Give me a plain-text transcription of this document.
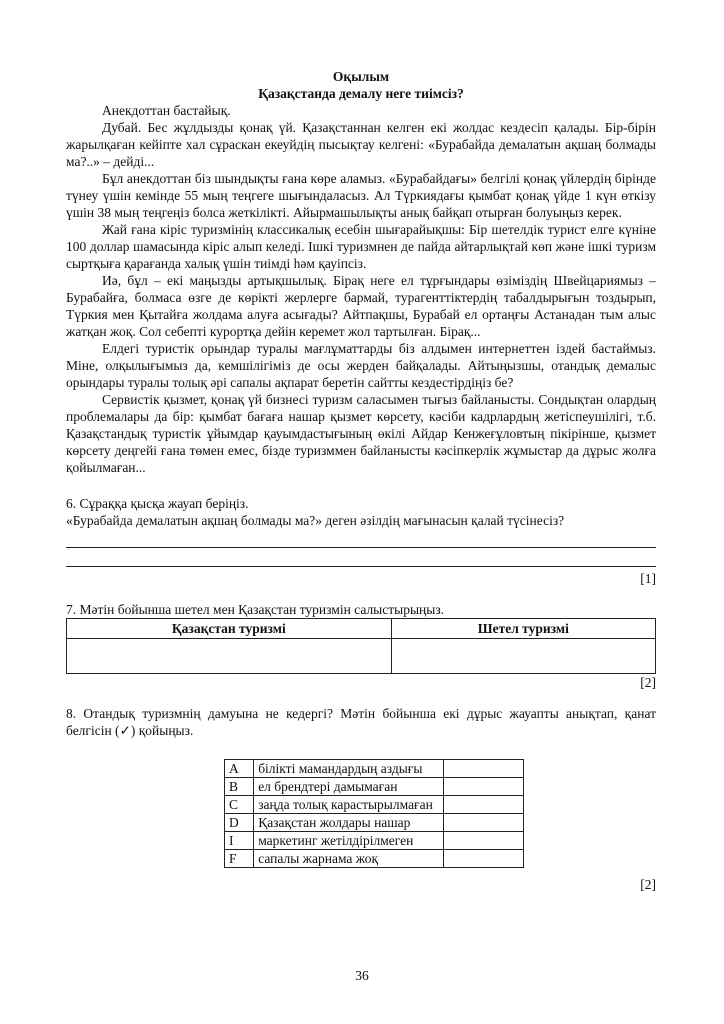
Оқылым
Қазақстанда демалу неге тиімсіз?

Анекдоттан бастайық.

Дубай. Бес жұлдызды қонақ үй. Қазақстаннан келген екі жолдас кездесіп қалады. Бір-бірін жарылқаған кейіпте хал сұраскан екеуйдің пысықтау келгені: «Бурабайда демалатын ақшаң болмады ма?..» – дейді...

Бұл анекдоттан біз шындықты ғана көре аламыз. «Бурабайдағы» белгілі қонақ үйлердің бірінде түнеу үшін кемінде 55 мың теңгеге шығындаласыз. Ал Түркиядағы қымбат қонақ үйде 1 күн өткізу үшін 38 мың теңгеңіз болса жеткілікті. Айырмашылықты анық байқап отырған болуыңыз керек.

Жай ғана кіріс туризмінің классикалық есебін шығарайықшы: Бір шетелдік турист елге күніне 100 доллар шамасында кіріс алып келеді. Ішкі туризмнен де пайда айтарлықтай көп және ішкі туризм сыртқыға қарағанда халық үшін тиімді һәм қауіпсіз.

Иә, бұл – екі маңызды артықшылық. Бірақ неге ел тұрғындары өзіміздің Швейцариямыз – Бурабайға, болмаса өзге де көрікті жерлерге бармай, турагенттіктердің табалдырығын тоздырып, Түркия мен Қытайға жолдама алуға асығады? Айтпақшы, Бурабай ел ортаңғы Астанадан тым алыс жатқан жоқ. Сол себепті курортқа дейін керемет жол тартылған. Бірақ...

Елдегі туристік орындар туралы мағлұматтарды біз алдымен интернеттен іздей бастаймыз. Міне, олқылығымыз да, кемшілігіміз де осы жерден байқалады. Айтыңызшы, отандық демалыс орындары туралы толық әрі сапалы ақпарат беретін сайтты кездестірдіңіз бе?

Сервистік қызмет, қонақ үй бизнесі туризм саласымен тығыз байланысты. Сондықтан олардың проблемалары да бір: қымбат бағаға нашар қызмет көрсету, кәсіби кадрлардың жетіспеушілігі, т.б. Қазақстандық туристік ұйымдар қауымдастығының өкілі Айдар Кенжеғұловтың пікірінше, қызмет көрсету деңгейі ғана төмен емес, бізде туризммен байланысты кәсіпкерлік жұмыстар да дұрыс жолға қойылмаған...

6. Сұраққа қысқа жауап беріңіз.

«Бурабайда демалатын ақшаң болмады ма?» деген əзілдің мағынасын қалай түсінесіз?

[1]

7. Мəтін бойынша шетел мен Қазақстан туризмін салыстырыңыз.

Қазақстан туризмі	Шетел туризмі

[2]

8. Отандық туризмнің дамуына не кедергі? Мəтін бойынша екі дұрыс жауапты анықтап, қанат белгісін (✓) қойыңыз.

A	білікті мамандардың аздығы	
B	ел брендтері дамымаған	
C	заңда толық карастырылмаған	
D	Қазақстан жолдары нашар	
I	маркетинг жетілдірілмеген	
F	сапалы жарнама жоқ	
[2]
36
